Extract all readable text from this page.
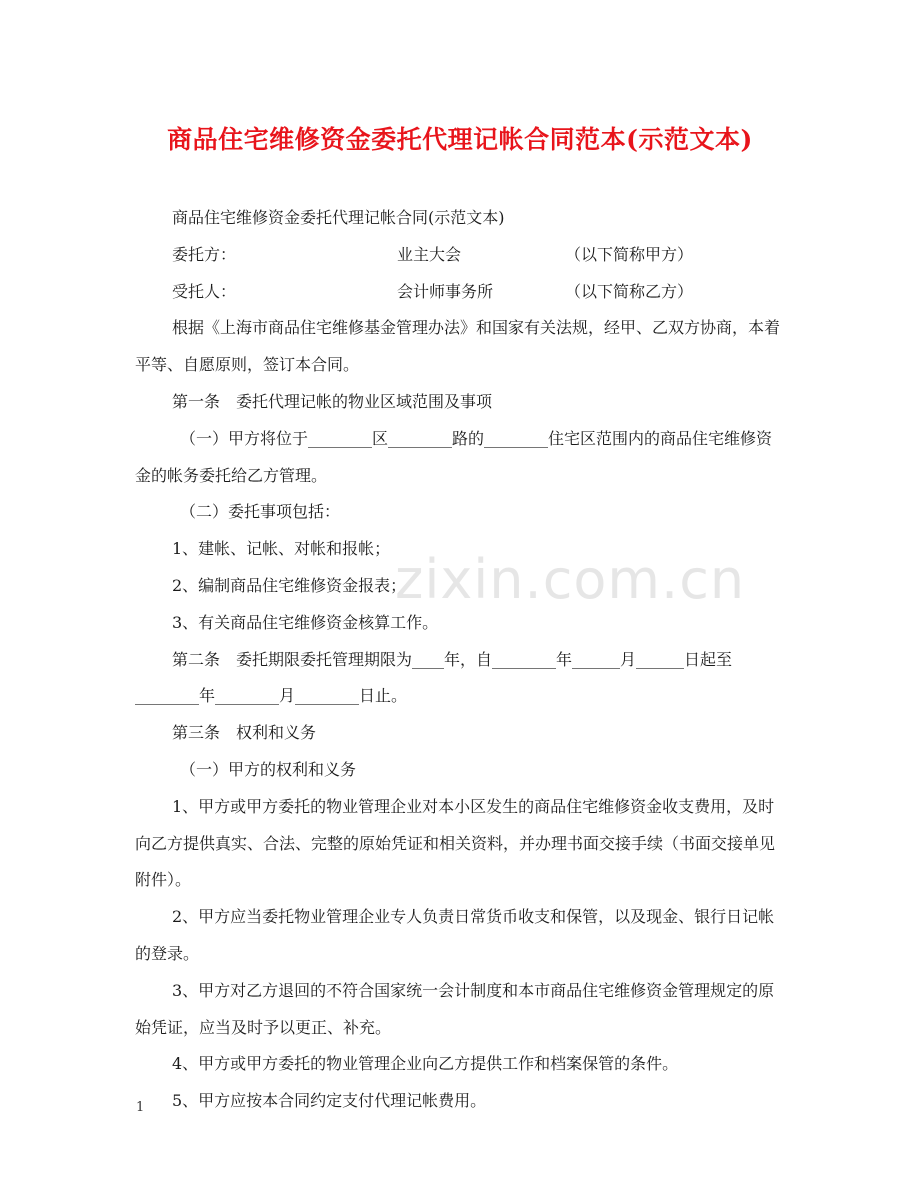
商品住宅维修资金委托代理记帐合同范本(示范文本)

商品住宅维修资金委托代理记帐合同(示范文本)

委托方：	业主大会	（以下简称甲方）
受托人：	会计师事务所	（以下简称乙方）

根据《上海市商品住宅维修基金管理办法》和国家有关法规，经甲、乙双方协商，本着平等、自愿原则，签订本合同。

第一条　委托代理记帐的物业区域范围及事项

（一）甲方将位于________区________路的________住宅区范围内的商品住宅维修资金的帐务委托给乙方管理。

（二）委托事项包括：

1、建帐、记帐、对帐和报帐；

2、编制商品住宅维修资金报表；

3、有关商品住宅维修资金核算工作。

第二条　委托期限委托管理期限为____年，自________年______月______日起至________年________月________日止。

第三条　权利和义务

（一）甲方的权利和义务

1、甲方或甲方委托的物业管理企业对本小区发生的商品住宅维修资金收支费用，及时向乙方提供真实、合法、完整的原始凭证和相关资料，并办理书面交接手续（书面交接单见附件）。

2、甲方应当委托物业管理企业专人负责日常货币收支和保管，以及现金、银行日记帐的登录。

3、甲方对乙方退回的不符合国家统一会计制度和本市商品住宅维修资金管理规定的原始凭证，应当及时予以更正、补充。

4、甲方或甲方委托的物业管理企业向乙方提供工作和档案保管的条件。

5、甲方应按本合同约定支付代理记帐费用。

zixin.com.cn
1
